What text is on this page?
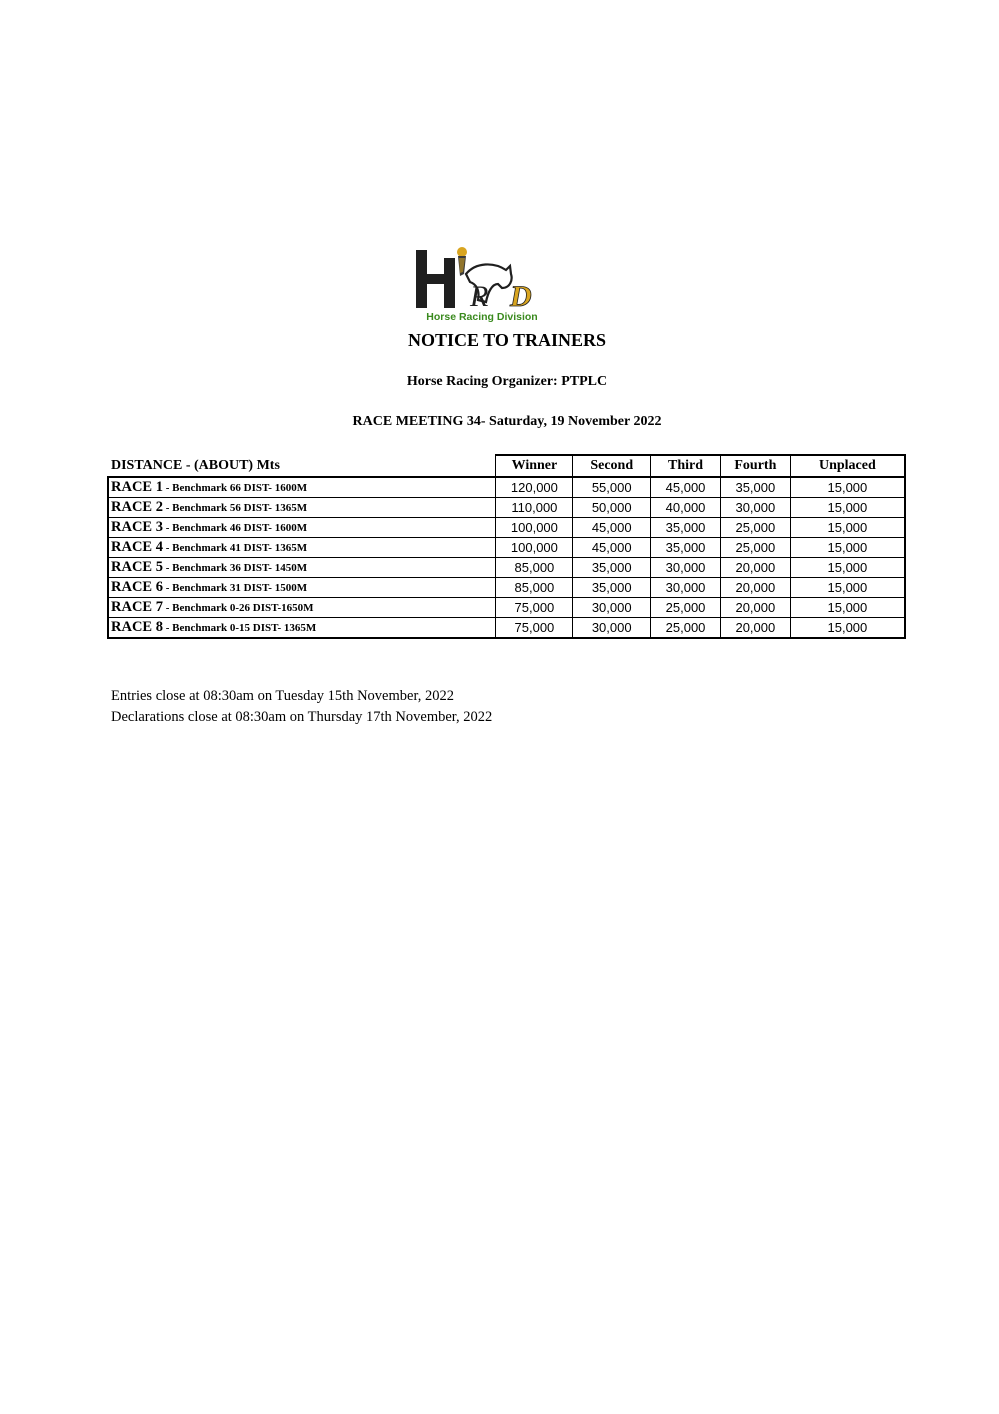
R D
Horse Racing Division
NOTICE TO TRAINERS
Horse Racing Organizer: PTPLC
RACE MEETING 34- Saturday, 19 November 2022
DISTANCE - (ABOUT) Mts	Winner	Second	Third	Fourth	Unplaced
RACE 1 - Benchmark 66 DIST- 1600M	120,000	55,000	45,000	35,000	15,000
RACE 2 - Benchmark 56 DIST- 1365M	110,000	50,000	40,000	30,000	15,000
RACE 3 - Benchmark 46 DIST- 1600M	100,000	45,000	35,000	25,000	15,000
RACE 4 - Benchmark 41 DIST- 1365M	100,000	45,000	35,000	25,000	15,000
RACE 5 - Benchmark 36 DIST- 1450M	85,000	35,000	30,000	20,000	15,000
RACE 6 - Benchmark 31 DIST- 1500M	85,000	35,000	30,000	20,000	15,000
RACE 7 - Benchmark 0-26 DIST-1650M	75,000	30,000	25,000	20,000	15,000
RACE 8 - Benchmark 0-15 DIST- 1365M	75,000	30,000	25,000	20,000	15,000
Entries close at 08:30am on Tuesday 15th November, 2022
Declarations close at 08:30am on Thursday 17th November, 2022
